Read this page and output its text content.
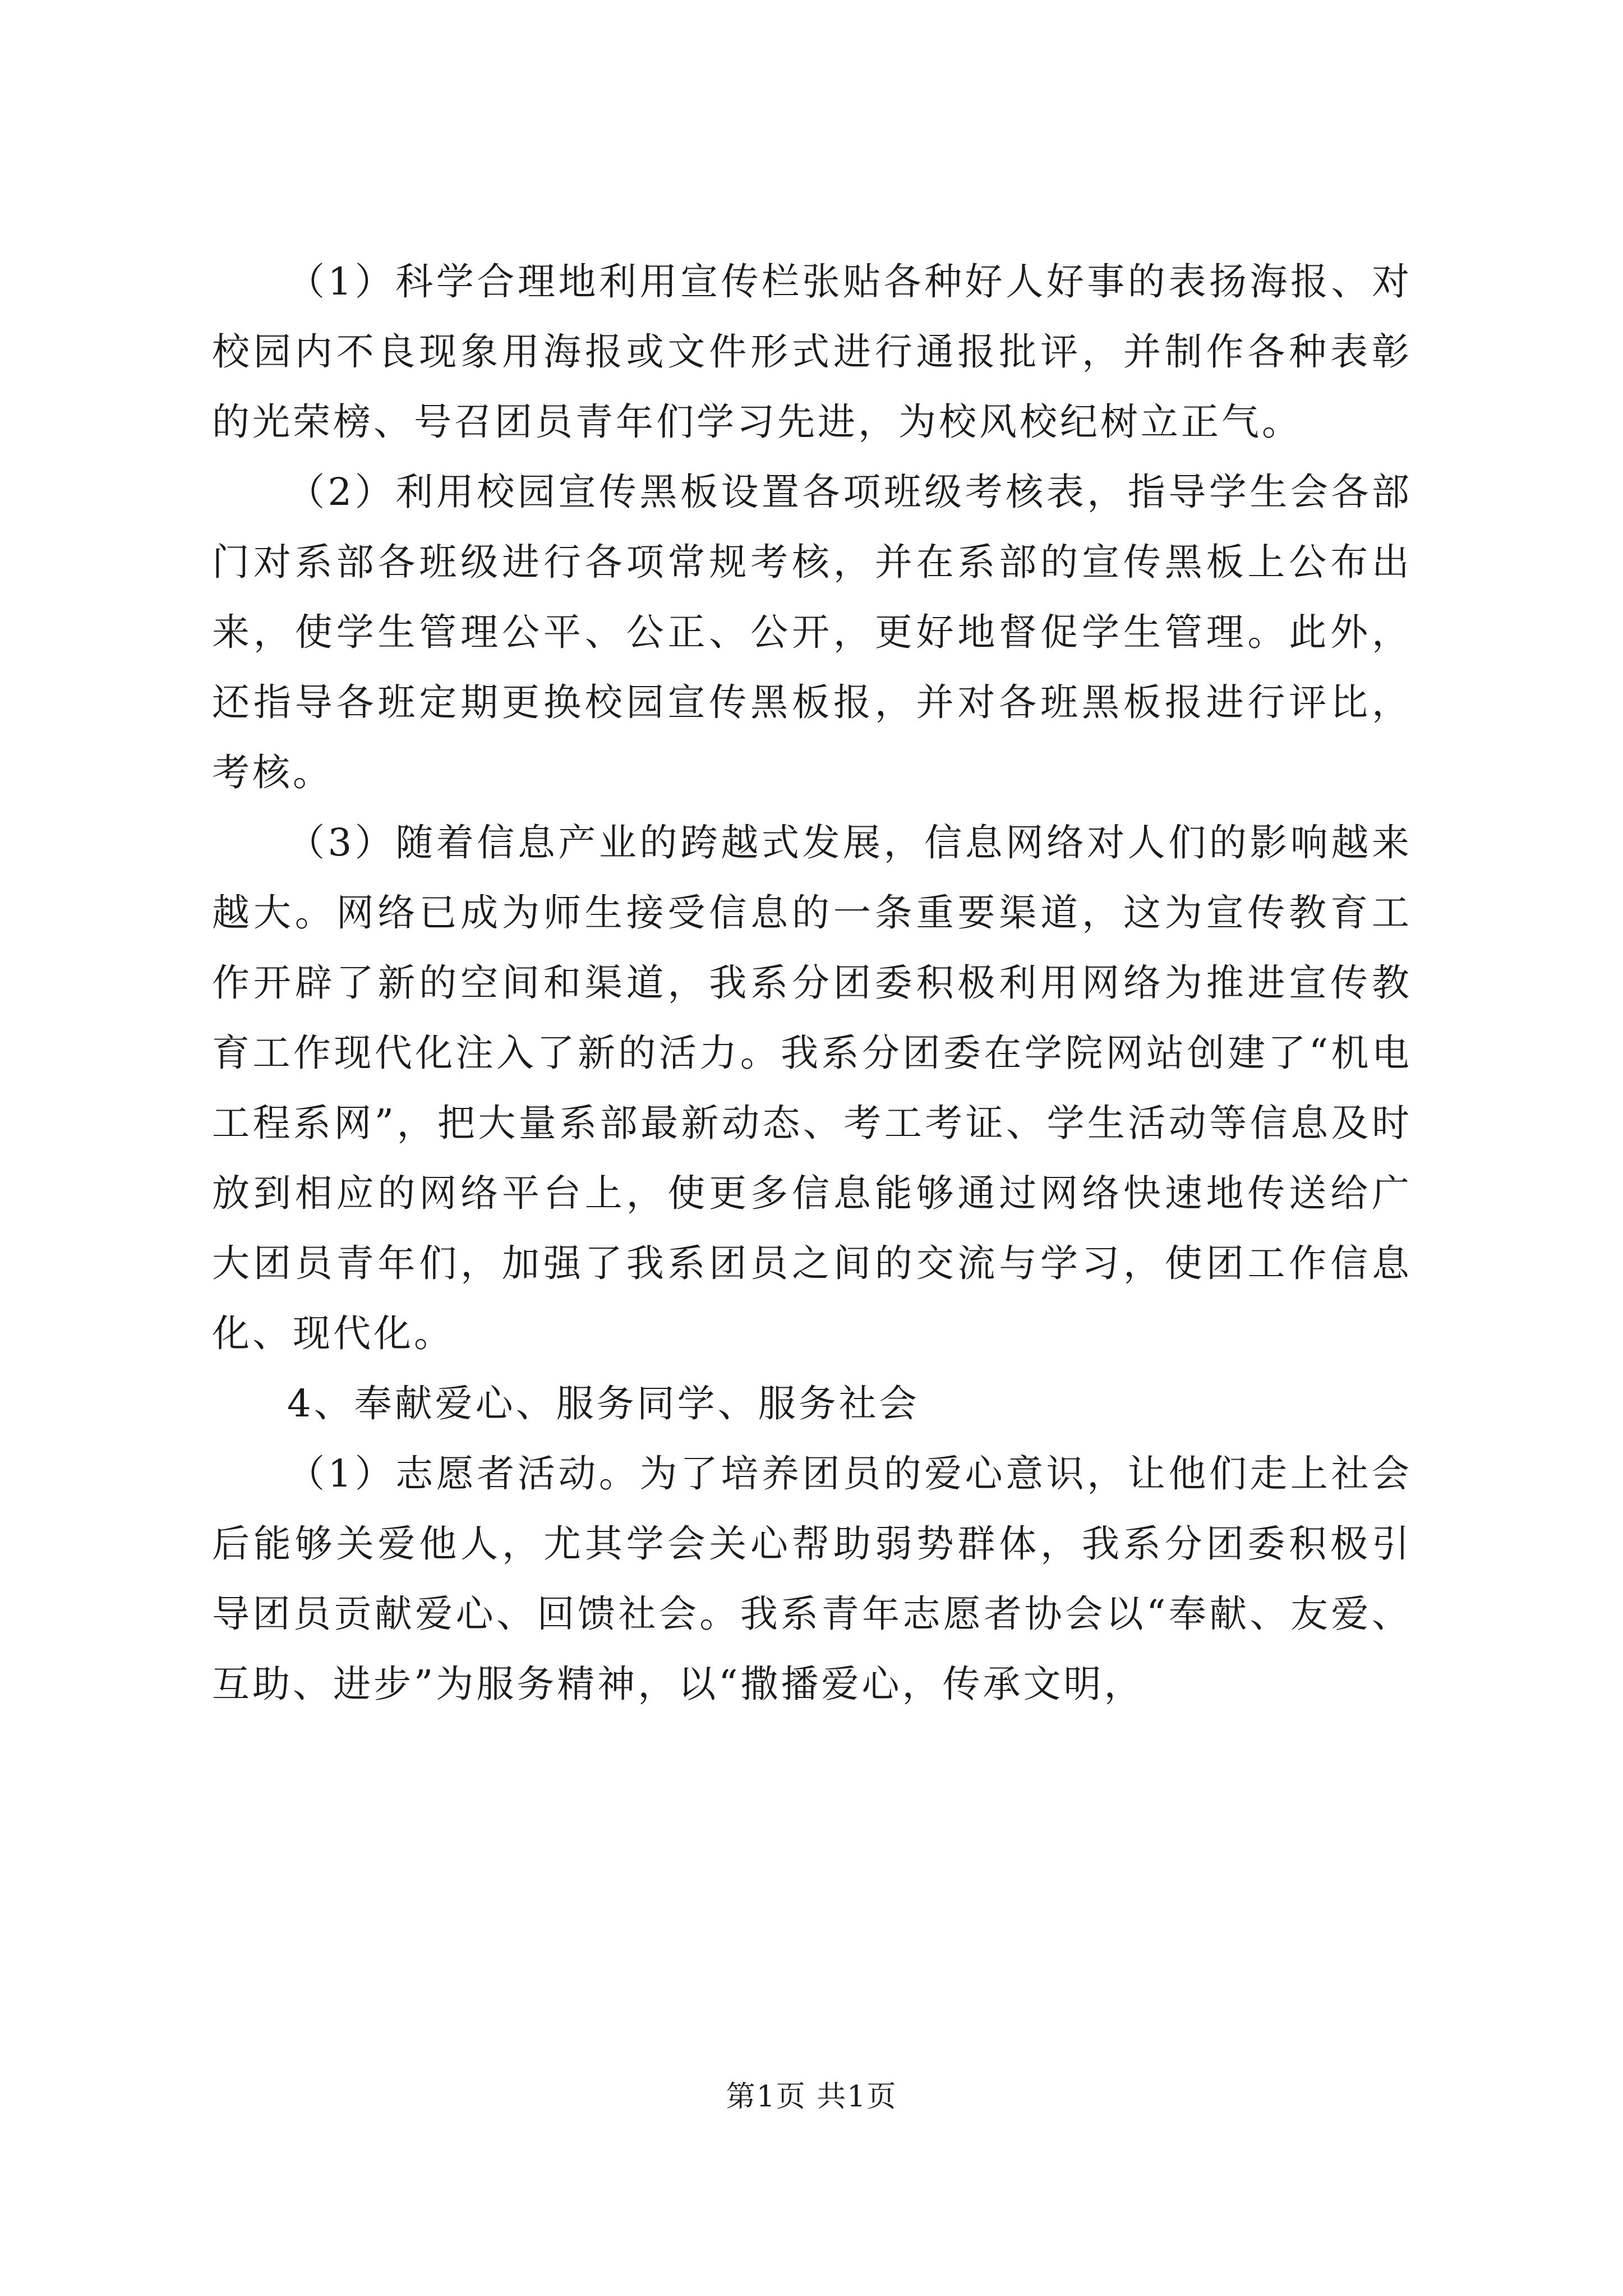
（1）科学合理地利用宣传栏张贴各种好人好事的表扬海报、对校园内不良现象用海报或文件形式进行通报批评，并制作各种表彰的光荣榜、号召团员青年们学习先进，为校风校纪树立正气。

（2）利用校园宣传黑板设置各项班级考核表，指导学生会各部门对系部各班级进行各项常规考核，并在系部的宣传黑板上公布出来，使学生管理公平、公正、公开，更好地督促学生管理。此外，还指导各班定期更换校园宣传黑板报，并对各班黑板报进行评比，考核。

（3）随着信息产业的跨越式发展，信息网络对人们的影响越来越大。网络已成为师生接受信息的一条重要渠道，这为宣传教育工作开辟了新的空间和渠道，我系分团委积极利用网络为推进宣传教育工作现代化注入了新的活力。我系分团委在学院网站创建了“机电工程系网”，把大量系部最新动态、考工考证、学生活动等信息及时放到相应的网络平台上，使更多信息能够通过网络快速地传送给广大团员青年们，加强了我系团员之间的交流与学习，使团工作信息化、现代化。

4、奉献爱心、服务同学、服务社会

（1）志愿者活动。为了培养团员的爱心意识，让他们走上社会后能够关爱他人，尤其学会关心帮助弱势群体，我系分团委积极引导团员贡献爱心、回馈社会。我系青年志愿者协会以“奉献、友爱、互助、进步”为服务精神，以“撒播爱心，传承文明，

第1页 共1页
